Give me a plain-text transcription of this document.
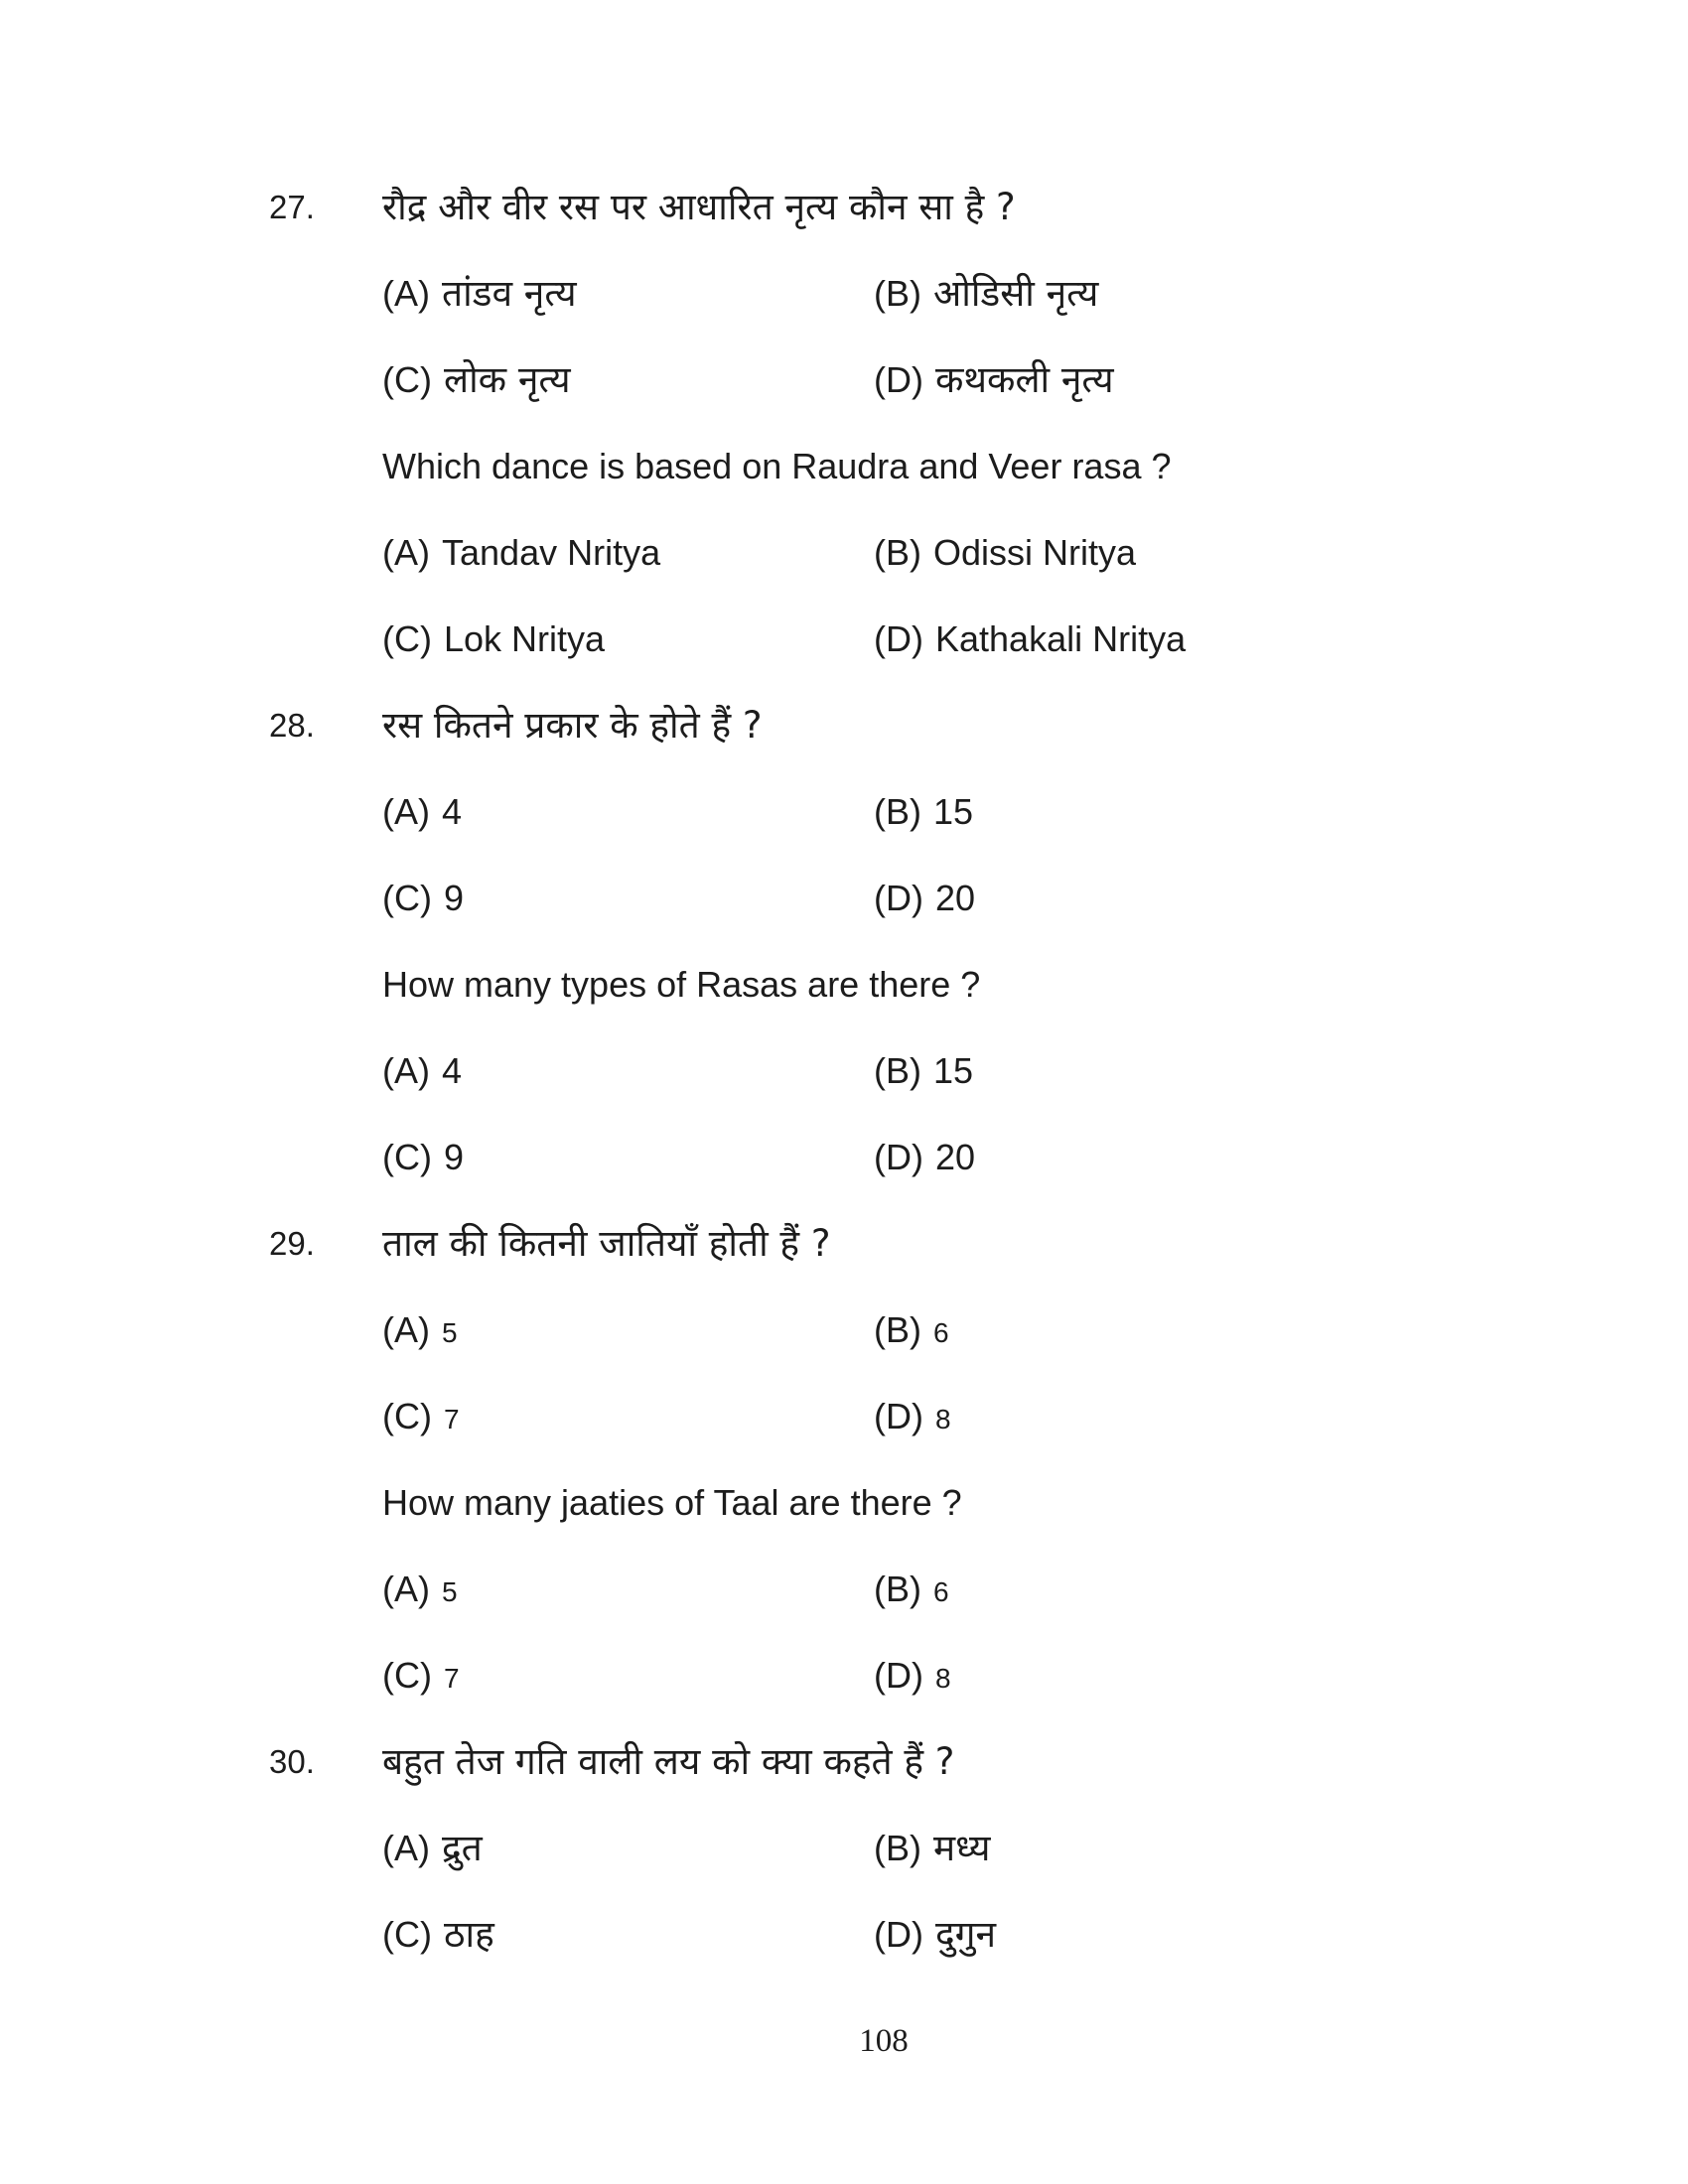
27. रौद्र और वीर रस पर आधारित नृत्य कौन सा है ?
(A) तांडव नृत्य	(B) ओडिसी नृत्य
(C) लोक नृत्य	(D) कथकली नृत्य
Which dance is based on Raudra and Veer rasa ?
(A) Tandav Nritya	(B) Odissi Nritya
(C) Lok Nritya	(D) Kathakali Nritya
28. रस कितने प्रकार के होते हैं ?
(A) 4	(B) 15
(C) 9	(D) 20
How many types of Rasas are there ?
(A) 4	(B) 15
(C) 9	(D) 20
29. ताल की कितनी जातियाँ होती हैं ?
(A) 5	(B) 6
(C) 7	(D) 8
How many jaaties of Taal are there ?
(A) 5	(B) 6
(C) 7	(D) 8
30. बहुत तेज गति वाली लय को क्या कहते हैं ?
(A) द्रुत	(B) मध्य
(C) ठाह	(D) दुगुन
108
